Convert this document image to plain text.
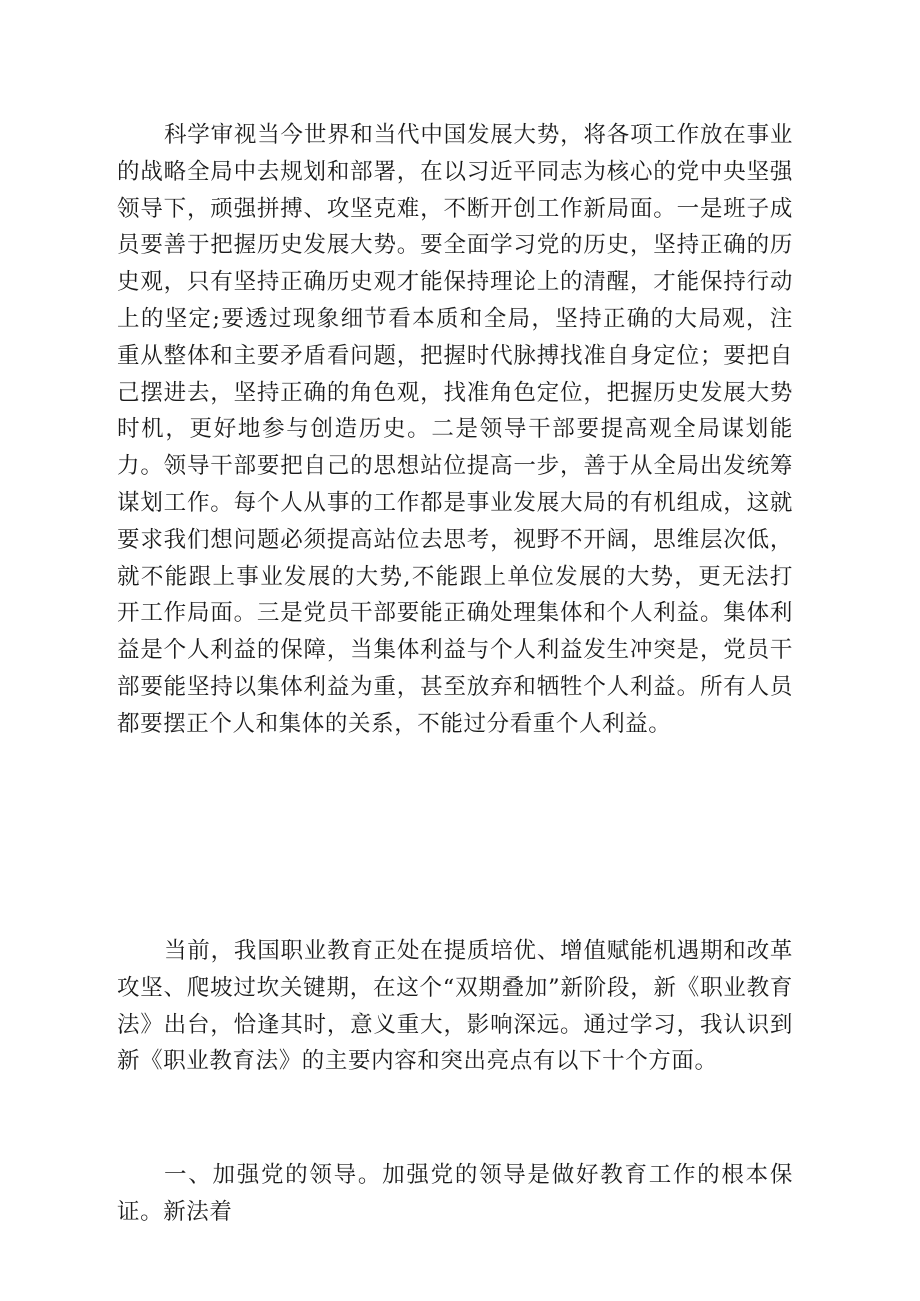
科学审视当今世界和当代中国发展大势，将各项工作放在事业的战略全局中去规划和部署，在以习近平同志为核心的党中央坚强领导下，顽强拼搏、攻坚克难，不断开创工作新局面。一是班子成员要善于把握历史发展大势。要全面学习党的历史，坚持正确的历史观，只有坚持正确历史观才能保持理论上的清醒，才能保持行动上的坚定;要透过现象细节看本质和全局，坚持正确的大局观，注重从整体和主要矛盾看问题，把握时代脉搏找准自身定位；要把自己摆进去，坚持正确的角色观，找准角色定位，把握历史发展大势时机，更好地参与创造历史。二是领导干部要提高观全局谋划能力。领导干部要把自己的思想站位提高一步，善于从全局出发统筹谋划工作。每个人从事的工作都是事业发展大局的有机组成，这就要求我们想问题必须提高站位去思考，视野不开阔，思维层次低，就不能跟上事业发展的大势,不能跟上单位发展的大势，更无法打开工作局面。三是党员干部要能正确处理集体和个人利益。集体利益是个人利益的保障，当集体利益与个人利益发生冲突是，党员干部要能坚持以集体利益为重，甚至放弃和牺牲个人利益。所有人员都要摆正个人和集体的关系，不能过分看重个人利益。

当前，我国职业教育正处在提质培优、增值赋能机遇期和改革攻坚、爬坡过坎关键期，在这个“双期叠加”新阶段，新《职业教育法》出台，恰逢其时，意义重大，影响深远。通过学习，我认识到新《职业教育法》的主要内容和突出亮点有以下十个方面。

一、加强党的领导。加强党的领导是做好教育工作的根本保证。新法着
